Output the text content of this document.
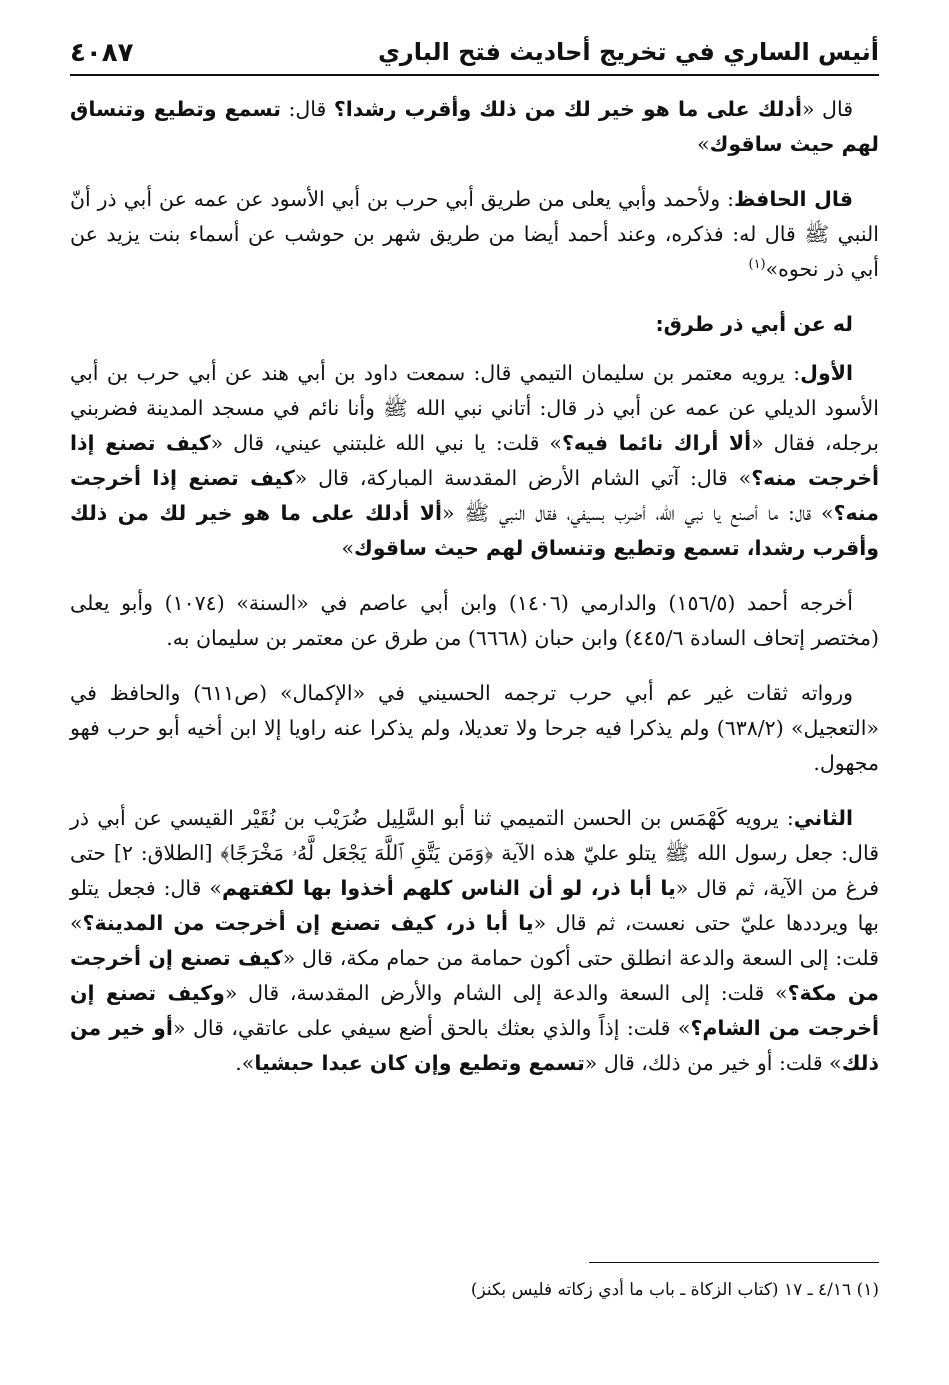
أنيس الساري في تخريج أحاديث فتح الباري
٤٠٨٧

قال «أدلك على ما هو خير لك من ذلك وأقرب رشدا؟ قال: تسمع وتطيع وتنساق لهم حيث ساقوك»

قال الحافظ: ولأحمد وأبي يعلى من طريق أبي حرب بن أبي الأسود عن عمه عن أبي ذر أنّ النبي ﷺ قال له: فذكره، وعند أحمد أيضا من طريق شهر بن حوشب عن أسماء بنت يزيد عن أبي ذر نحوه»$^{(١)}$

له عن أبي ذر طرق:

الأول: يرويه معتمر بن سليمان التيمي قال: سمعت داود بن أبي هند عن أبي حرب بن أبي الأسود الديلي عن عمه عن أبي ذر قال: أتاني نبي الله ﷺ وأنا نائم في مسجد المدينة فضربني برجله، فقال «ألا أراك نائما فيه؟» قلت: يا نبي الله غلبتني عيني، قال «كيف تصنع إذا أخرجت منه؟» قال: آتي الشام الأرض المقدسة المباركة، قال «كيف تصنع إذا أخرجت منه؟» قال: ما أصنع يا نبي الله، أضرب بسيفي، فقال النبي ﷺ «ألا أدلك على ما هو خير لك من ذلك وأقرب رشدا، تسمع وتطيع وتنساق لهم حيث ساقوك»

أخرجه أحمد (١٥٦/٥) والدارمي (١٤٠٦) وابن أبي عاصم في «السنة» (١٠٧٤) وأبو يعلى (مختصر إتحاف السادة ٤٤٥/٦) وابن حبان (٦٦٦٨) من طرق عن معتمر بن سليمان به.

ورواته ثقات غير عم أبي حرب ترجمه الحسيني في «الإكمال» (ص٦١١) والحافظ في «التعجيل» (٦٣٨/٢) ولم يذكرا فيه جرحا ولا تعديلا، ولم يذكرا عنه راويا إلا ابن أخيه أبو حرب فهو مجهول.

الثاني: يرويه كَهْمَس بن الحسن التميمي ثنا أبو السَّلِيل ضُرَيْب بن نُقَيْر القيسي عن أبي ذر قال: جعل رسول الله ﷺ يتلو عليّ هذه الآية ﴿وَمَن يَتَّقِ ٱللَّهَ يَجْعَل لَّهُۥ مَخْرَجًا﴾ [الطلاق: ٢] حتى فرغ من الآية، ثم قال «يا أبا ذر، لو أن الناس كلهم أخذوا بها لكفتهم» قال: فجعل يتلو بها ويرددها عليّ حتى نعست، ثم قال «يا أبا ذر، كيف تصنع إن أخرجت من المدينة؟» قلت: إلى السعة والدعة انطلق حتى أكون حمامة من حمام مكة، قال «كيف تصنع إن أخرجت من مكة؟» قلت: إلى السعة والدعة إلى الشام والأرض المقدسة، قال «وكيف تصنع إن أخرجت من الشام؟» قلت: إذاً والذي بعثك بالحق أضع سيفي على عاتقي، قال «أو خير من ذلك» قلت: أو خير من ذلك، قال «تسمع وتطيع وإن كان عبدا حبشيا».

(١) ٤/١٦ ـ ١٧ (كتاب الزكاة ـ باب ما أدي زكاته فليس بكنز)
